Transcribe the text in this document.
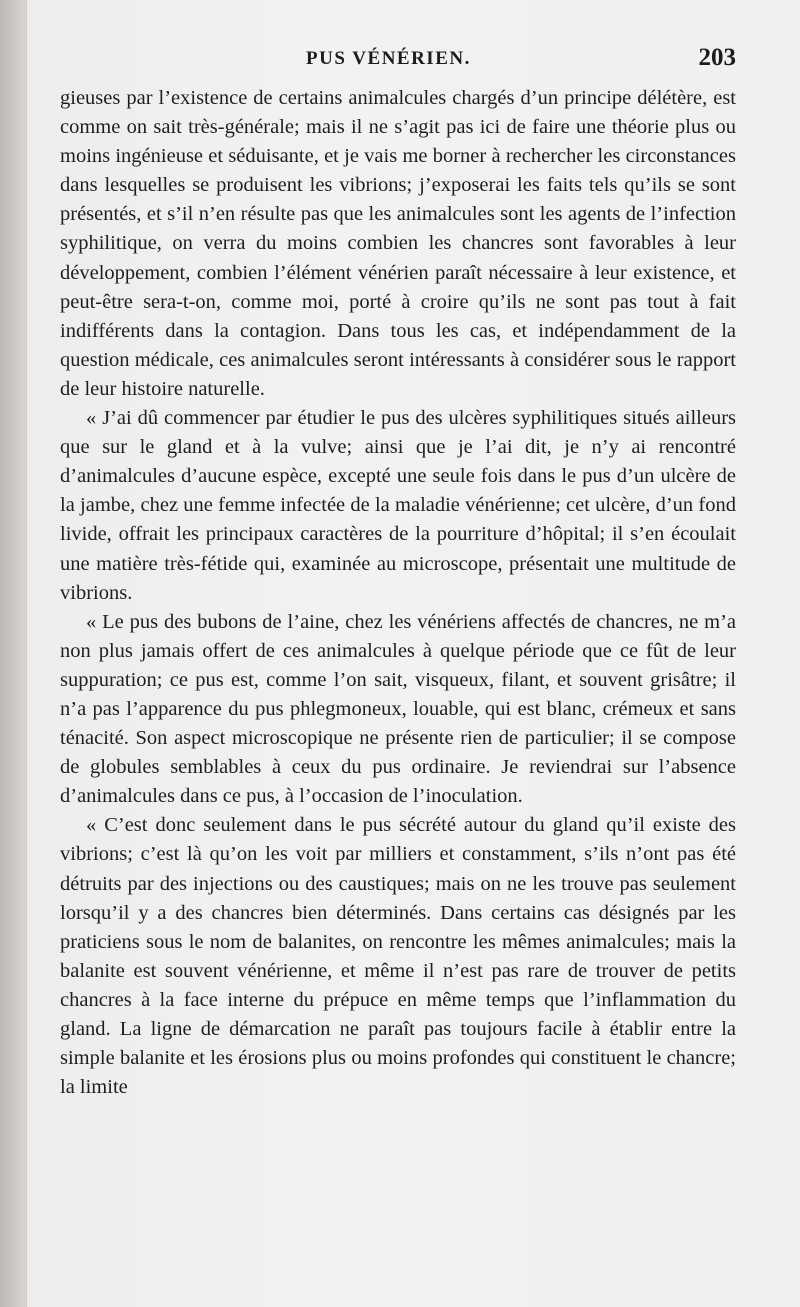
PUS VÉNÉRIEN.	203

gieuses par l’existence de certains animalcules chargés d’un principe délétère, est comme on sait très-générale; mais il ne s’agit pas ici de faire une théorie plus ou moins ingénieuse et séduisante, et je vais me borner à rechercher les circonstances dans lesquelles se produisent les vibrions; j’exposerai les faits tels qu’ils se sont présentés, et s’il n’en résulte pas que les animalcules sont les agents de l’infection syphilitique, on verra du moins combien les chancres sont favorables à leur développement, combien l’élément vénérien paraît nécessaire à leur existence, et peut-être sera-t-on, comme moi, porté à croire qu’ils ne sont pas tout à fait indifférents dans la contagion. Dans tous les cas, et indépendamment de la question médicale, ces animalcules seront intéressants à considérer sous le rapport de leur histoire naturelle.

« J’ai dû commencer par étudier le pus des ulcères syphilitiques situés ailleurs que sur le gland et à la vulve; ainsi que je l’ai dit, je n’y ai rencontré d’animalcules d’aucune espèce, excepté une seule fois dans le pus d’un ulcère de la jambe, chez une femme infectée de la maladie vénérienne; cet ulcère, d’un fond livide, offrait les principaux caractères de la pourriture d’hôpital; il s’en écoulait une matière très-fétide qui, examinée au microscope, présentait une multitude de vibrions.

« Le pus des bubons de l’aine, chez les vénériens affectés de chancres, ne m’a non plus jamais offert de ces animalcules à quelque période que ce fût de leur suppuration; ce pus est, comme l’on sait, visqueux, filant, et souvent grisâtre; il n’a pas l’apparence du pus phlegmoneux, louable, qui est blanc, crémeux et sans ténacité. Son aspect microscopique ne présente rien de particulier; il se compose de globules semblables à ceux du pus ordinaire. Je reviendrai sur l’absence d’animalcules dans ce pus, à l’occasion de l’inoculation.

« C’est donc seulement dans le pus sécrété autour du gland qu’il existe des vibrions; c’est là qu’on les voit par milliers et constamment, s’ils n’ont pas été détruits par des injections ou des caustiques; mais on ne les trouve pas seulement lorsqu’il y a des chancres bien déterminés. Dans certains cas désignés par les praticiens sous le nom de balanites, on rencontre les mêmes animalcules; mais la balanite est souvent vénérienne, et même il n’est pas rare de trouver de petits chancres à la face interne du prépuce en même temps que l’inflammation du gland. La ligne de démarcation ne paraît pas toujours facile à établir entre la simple balanite et les érosions plus ou moins profondes qui constituent le chancre; la limite
